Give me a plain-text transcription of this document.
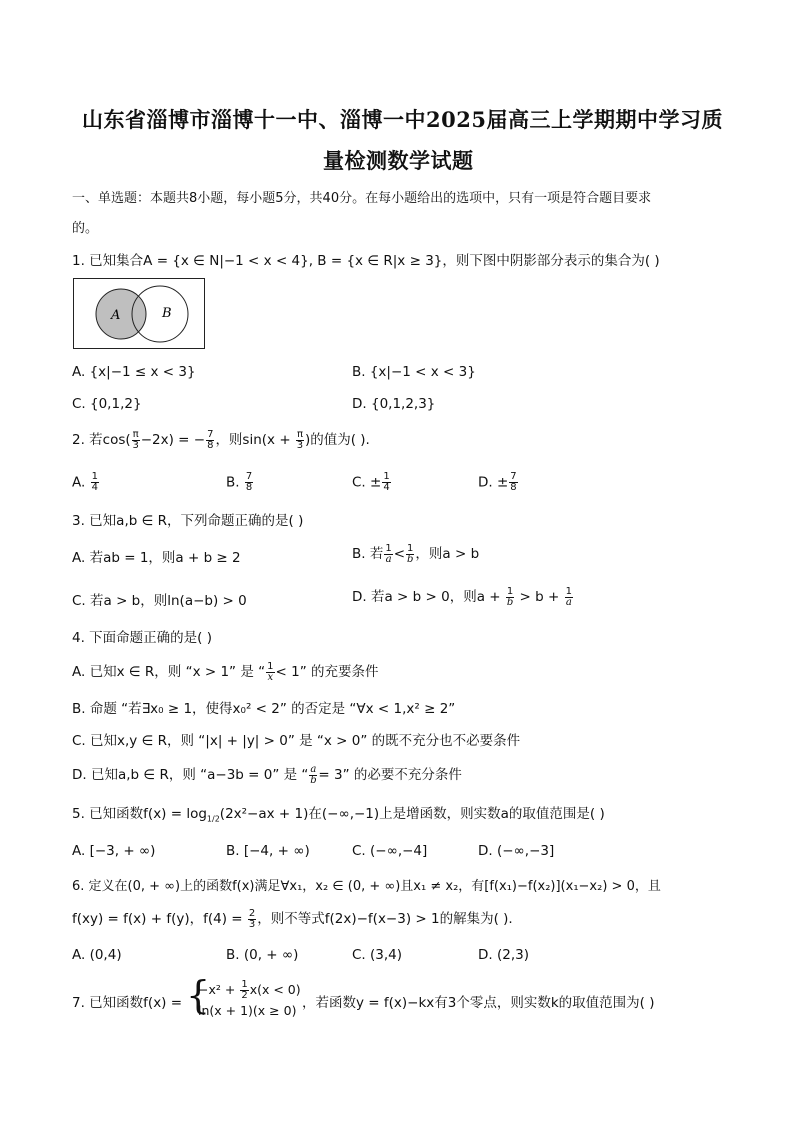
山东省淄博市淄博十一中、淄博一中2025届高三上学期期中学习质
量检测数学试题
一、单选题：本题共8小题，每小题5分，共40分。在每小题给出的选项中，只有一项是符合题目要求
的。
1. 已知集合A = {x ∈ N|−1 < x < 4}, B = {x ∈ R|x ≥ 3}，则下图中阴影部分表示的集合为( )
A	B
A. {x|−1 ≤ x < 3}	B. {x|−1 < x < 3}
C. {0,1,2}	D. {0,1,2,3}
2. 若$\cos( \frac{\pi}{3} -2x)$ = − $\frac{7}{8}$ ，则$\sin(x + \frac{\pi}{3}$ )的值为( ).
A. $\frac{1}{4}$	B. $\frac{7}{8}$	C. ± $\frac{1}{4}$	D. ± $\frac{7}{8}$
3. 已知a,b ∈ R，下列命题正确的是( )
A. 若ab = 1，则a + b ≥ 2	B. 若 $\frac{1}{a} < \frac{1}{b}$ ，则a > b
C. 若a > b，则ln(a−b) > 0	D. 若a > b > 0，则$a + \frac{1}{b} > b + \frac{1}{a}$
4. 下面命题正确的是( )
A. 已知x ∈ R，则 “x > 1” 是 “ $\frac{1}{x} < 1$” 的充要条件
B. 命题 “若∃x₀ ≥ 1，使得x₀² < 2” 的否定是 “∀x < 1,x² ≥ 2”
C. 已知x,y ∈ R，则 “|x| + |y| > 0” 是 “x > 0” 的既不充分也不必要条件
D. 已知a,b ∈ R，则 “a−3b = 0” 是 “ $\frac{a}{b} = 3$” 的必要不充分条件
5. 已知函数$f(x) = \log_{1/2}(2x^2-ax + 1)$在(−∞,−1)上是增函数，则实数a的取值范围是( )
A. [−3, + ∞)	B. [−4, + ∞)	C. (−∞,−4]	D. (−∞,−3]
6. 定义在(0, + ∞)上的函数f(x)满足∀x₁，x₂ ∈ (0, + ∞)且x₁ ≠ x₂，有[f(x₁)−f(x₂)](x₁−x₂) > 0，且
f(xy) = f(x) + f(y)，$f(4) = \frac{2}{3}$ ，则不等式f(2x)−f(x−3) > 1的解集为( ).
A. (0,4)	B. (0, + ∞)	C. (3,4)	D. (2,3)
7. 已知函数f(x) = {
$-x^2 + \frac{1}{2} x(x < 0)$
ln(x + 1)(x ≥ 0) ，若函数y = f(x)−kx有3个零点，则实数k的取值范围为( )
